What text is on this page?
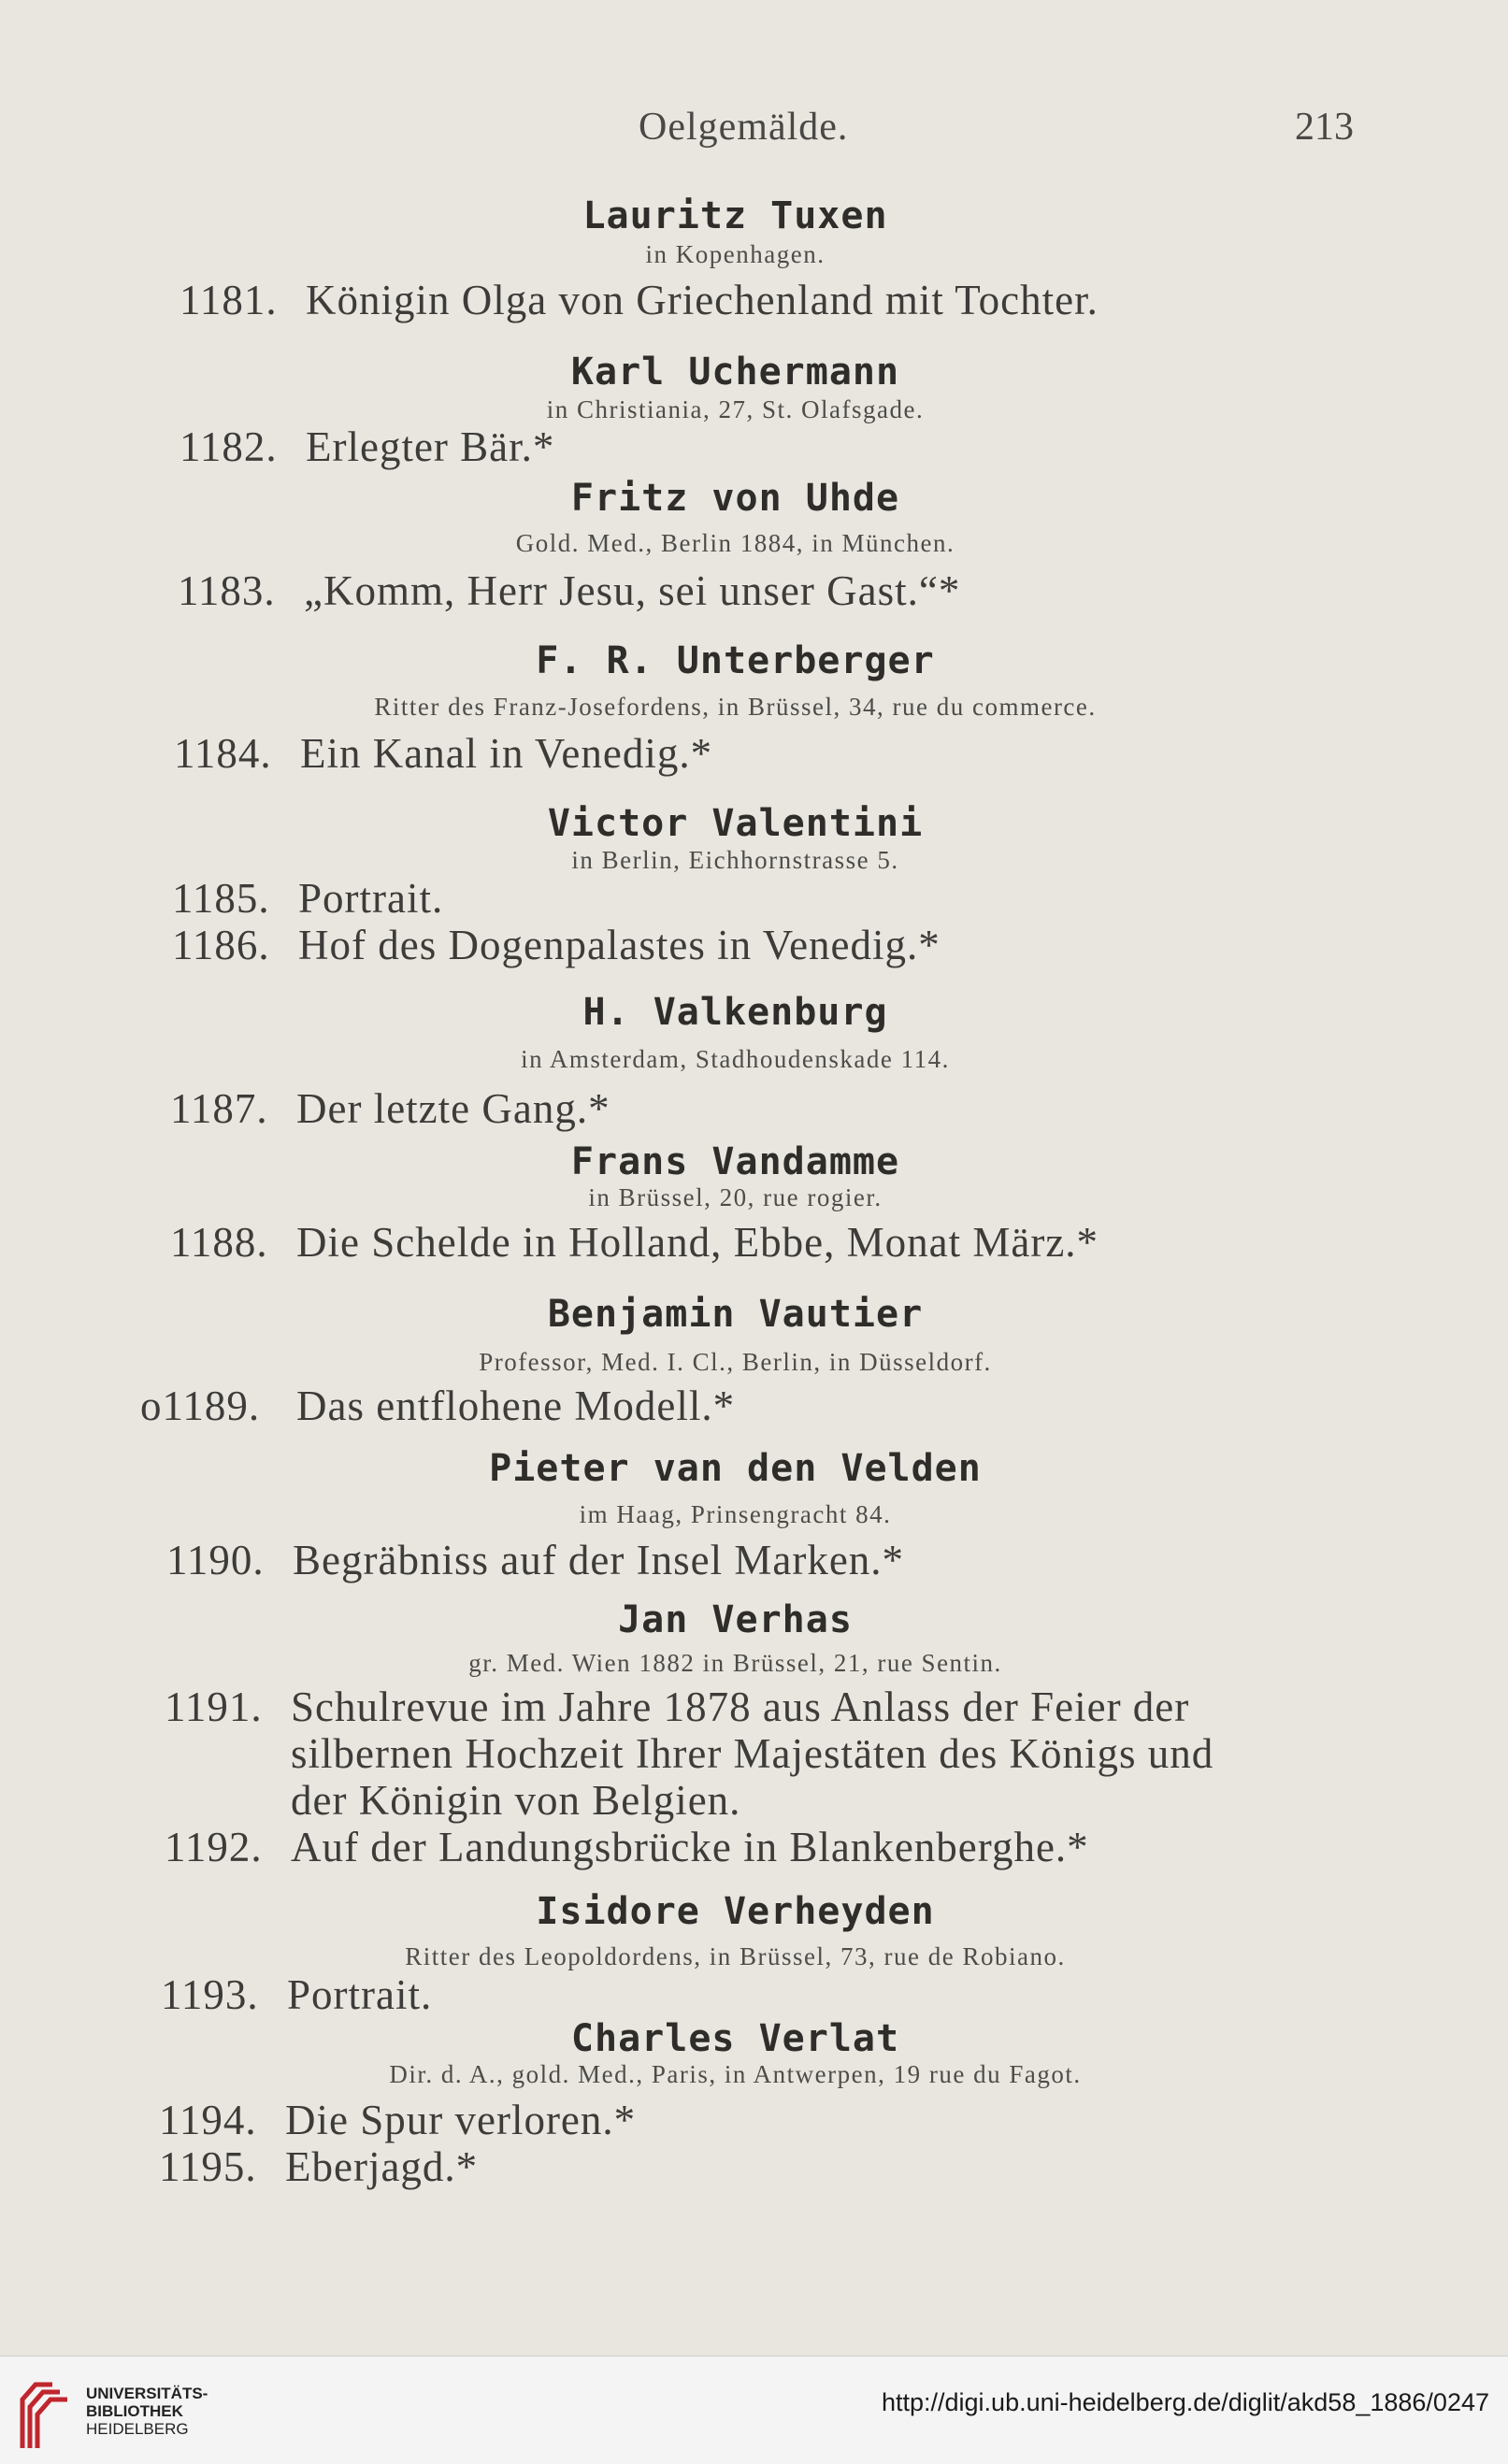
Oelgemälde.	213
Lauritz Tuxen
in Kopenhagen.
1181. Königin Olga von Griechenland mit Tochter.
Karl Uchermann
in Christiania, 27, St. Olafsgade.
1182. Erlegter Bär.*
Fritz von Uhde
Gold. Med., Berlin 1884, in München.
1183. „Komm, Herr Jesu, sei unser Gast.“*
F. R. Unterberger
Ritter des Franz-Josefordens, in Brüssel, 34, rue du commerce.
1184. Ein Kanal in Venedig.*
Victor Valentini
in Berlin, Eichhornstrasse 5.
1185. Portrait.
1186. Hof des Dogenpalastes in Venedig.*
H. Valkenburg
in Amsterdam, Stadhoudenskade 114.
1187. Der letzte Gang.*
Frans Vandamme
in Brüssel, 20, rue rogier.
1188. Die Schelde in Holland, Ebbe, Monat März.*
Benjamin Vautier
Professor, Med. I. Cl., Berlin, in Düsseldorf.
o1189. Das entflohene Modell.*
Pieter van den Velden
im Haag, Prinsengracht 84.
1190. Begräbniss auf der Insel Marken.*
Jan Verhas
gr. Med. Wien 1882 in Brüssel, 21, rue Sentin.
1191. Schulrevue im Jahre 1878 aus Anlass der Feier der
silbernen Hochzeit Ihrer Majestäten des Königs und
der Königin von Belgien.
1192. Auf der Landungsbrücke in Blankenberghe.*
Isidore Verheyden
Ritter des Leopoldordens, in Brüssel, 73, rue de Robiano.
1193. Portrait.
Charles Verlat
Dir. d. A., gold. Med., Paris, in Antwerpen, 19 rue du Fagot.
1194. Die Spur verloren.*
1195. Eberjagd.*
UNIVERSITÄTS-
BIBLIOTHEK
HEIDELBERG
http://digi.ub.uni-heidelberg.de/diglit/akd58_1886/0247
